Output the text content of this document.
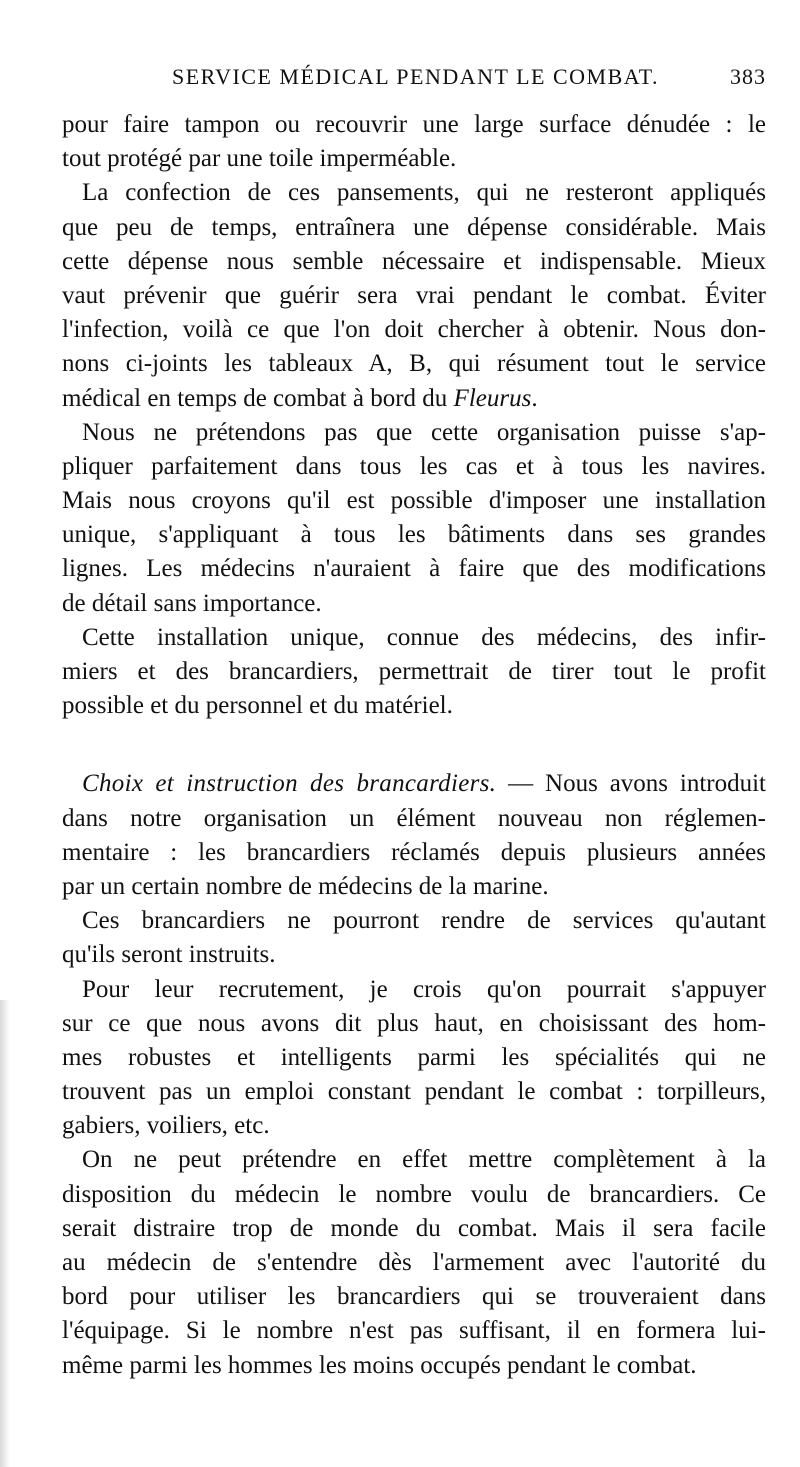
SERVICE MÉDICAL PENDANT LE COMBAT.	383
pour faire tampon ou recouvrir une large surface dénudée : le
tout protégé par une toile imperméable.
La confection de ces pansements, qui ne resteront appliqués
que peu de temps, entraînera une dépense considérable. Mais
cette dépense nous semble nécessaire et indispensable. Mieux
vaut prévenir que guérir sera vrai pendant le combat. Éviter
l'infection, voilà ce que l'on doit chercher à obtenir. Nous don-
nons ci-joints les tableaux A, B, qui résument tout le service
médical en temps de combat à bord du Fleurus.
Nous ne prétendons pas que cette organisation puisse s'ap-
pliquer parfaitement dans tous les cas et à tous les navires.
Mais nous croyons qu'il est possible d'imposer une installation
unique, s'appliquant à tous les bâtiments dans ses grandes
lignes. Les médecins n'auraient à faire que des modifications
de détail sans importance.
Cette installation unique, connue des médecins, des infir-
miers et des brancardiers, permettrait de tirer tout le profit
possible et du personnel et du matériel.
Choix et instruction des brancardiers. — Nous avons introduit
dans notre organisation un élément nouveau non réglemen-
mentaire : les brancardiers réclamés depuis plusieurs années
par un certain nombre de médecins de la marine.
Ces brancardiers ne pourront rendre de services qu'autant
qu'ils seront instruits.
Pour leur recrutement, je crois qu'on pourrait s'appuyer
sur ce que nous avons dit plus haut, en choisissant des hom-
mes robustes et intelligents parmi les spécialités qui ne
trouvent pas un emploi constant pendant le combat : torpilleurs,
gabiers, voiliers, etc.
On ne peut prétendre en effet mettre complètement à la
disposition du médecin le nombre voulu de brancardiers. Ce
serait distraire trop de monde du combat. Mais il sera facile
au médecin de s'entendre dès l'armement avec l'autorité du
bord pour utiliser les brancardiers qui se trouveraient dans
l'équipage. Si le nombre n'est pas suffisant, il en formera lui-
même parmi les hommes les moins occupés pendant le combat.
